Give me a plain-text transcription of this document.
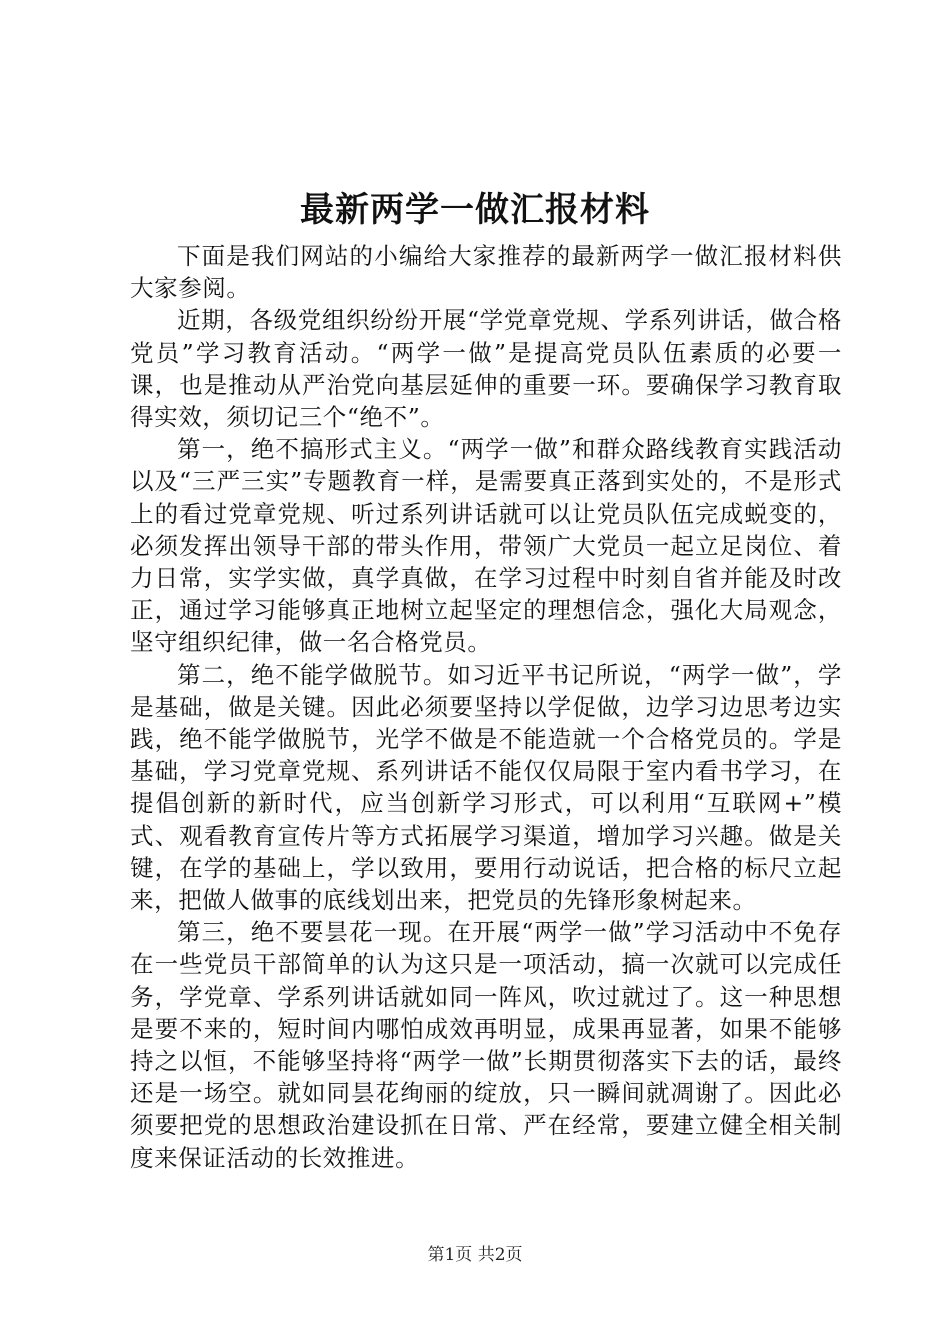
最新两学一做汇报材料

下面是我们网站的小编给大家推荐的最新两学一做汇报材料供大家参阅。

近期，各级党组织纷纷开展“学党章党规、学系列讲话，做合格党员”学习教育活动。“两学一做”是提高党员队伍素质的必要一课，也是推动从严治党向基层延伸的重要一环。要确保学习教育取得实效，须切记三个“绝不”。

第一，绝不搞形式主义。“两学一做”和群众路线教育实践活动以及“三严三实”专题教育一样，是需要真正落到实处的，不是形式上的看过党章党规、听过系列讲话就可以让党员队伍完成蜕变的，必须发挥出领导干部的带头作用，带领广大党员一起立足岗位、着力日常，实学实做，真学真做，在学习过程中时刻自省并能及时改正，通过学习能够真正地树立起坚定的理想信念，强化大局观念，坚守组织纪律，做一名合格党员。

第二，绝不能学做脱节。如习近平书记所说，“两学一做”，学是基础，做是关键。因此必须要坚持以学促做，边学习边思考边实践，绝不能学做脱节，光学不做是不能造就一个合格党员的。学是基础，学习党章党规、系列讲话不能仅仅局限于室内看书学习，在提倡创新的新时代，应当创新学习形式，可以利用“互联网+”模式、观看教育宣传片等方式拓展学习渠道，增加学习兴趣。做是关键，在学的基础上，学以致用，要用行动说话，把合格的标尺立起来，把做人做事的底线划出来，把党员的先锋形象树起来。

第三，绝不要昙花一现。在开展“两学一做”学习活动中不免存在一些党员干部简单的认为这只是一项活动，搞一次就可以完成任务，学党章、学系列讲话就如同一阵风，吹过就过了。这一种思想是要不来的，短时间内哪怕成效再明显，成果再显著，如果不能够持之以恒，不能够坚持将“两学一做”长期贯彻落实下去的话，最终还是一场空。就如同昙花绚丽的绽放，只一瞬间就凋谢了。因此必须要把党的思想政治建设抓在日常、严在经常，要建立健全相关制度来保证活动的长效推进。

第1页 共2页
